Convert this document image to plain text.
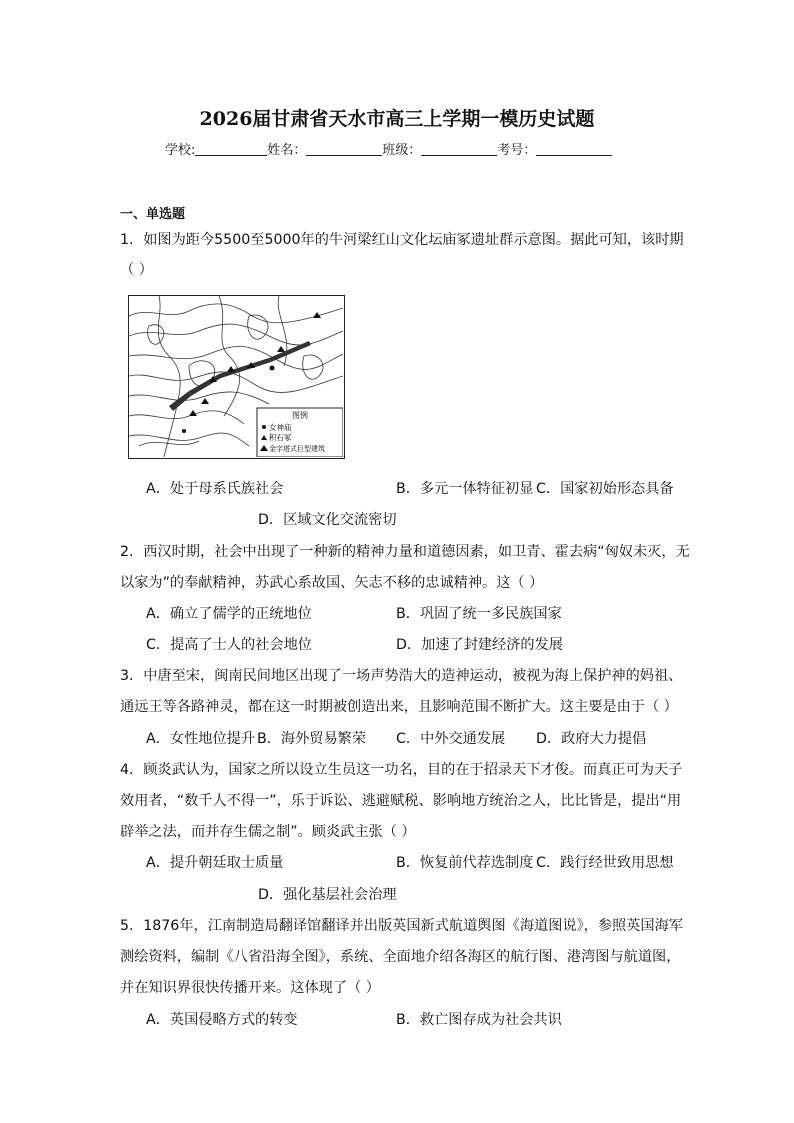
2026届甘肃省天水市高三上学期一模历史试题
学校:	姓名：	班级：	考号：
一、单选题
1．如图为距今5500至5000年的牛河梁红山文化坛庙冢遗址群示意图。据此可知，该时期
（ ）
图例
女神庙
积石冢
金字塔式巨型建筑
A．处于母系氏族社会	B．多元一体特征初显 C．国家初始形态具备
D．区域文化交流密切
2．西汉时期，社会中出现了一种新的精神力量和道德因素，如卫青、霍去病“匈奴未灭，无
以家为”的奉献精神，苏武心系故国、矢志不移的忠诚精神。这（ ）
A．确立了儒学的正统地位	B．巩固了统一多民族国家
C．提高了士人的社会地位	D．加速了封建经济的发展
3．中唐至宋，闽南民间地区出现了一场声势浩大的造神运动，被视为海上保护神的妈祖、
通远王等各路神灵，都在这一时期被创造出来，且影响范围不断扩大。这主要是由于（ ）
A．女性地位提升 B．海外贸易繁荣 C．中外交通发展 D．政府大力提倡
4．顾炎武认为，国家之所以设立生员这一功名，目的在于招录天下才俊。而真正可为天子
效用者，“数千人不得一”，乐于诉讼、逃避赋税、影响地方统治之人，比比皆是，提出“用
辟举之法，而并存生儒之制”。顾炎武主张（ ）
A．提升朝廷取士质量	B．恢复前代荐选制度 C．践行经世致用思想
D．强化基层社会治理
5．1876年，江南制造局翻译馆翻译并出版英国新式航道舆图《海道图说》，参照英国海军
测绘资料，编制《八省沿海全图》，系统、全面地介绍各海区的航行图、港湾图与航道图，
并在知识界很快传播开来。这体现了（ ）
A．英国侵略方式的转变	B．救亡图存成为社会共识
